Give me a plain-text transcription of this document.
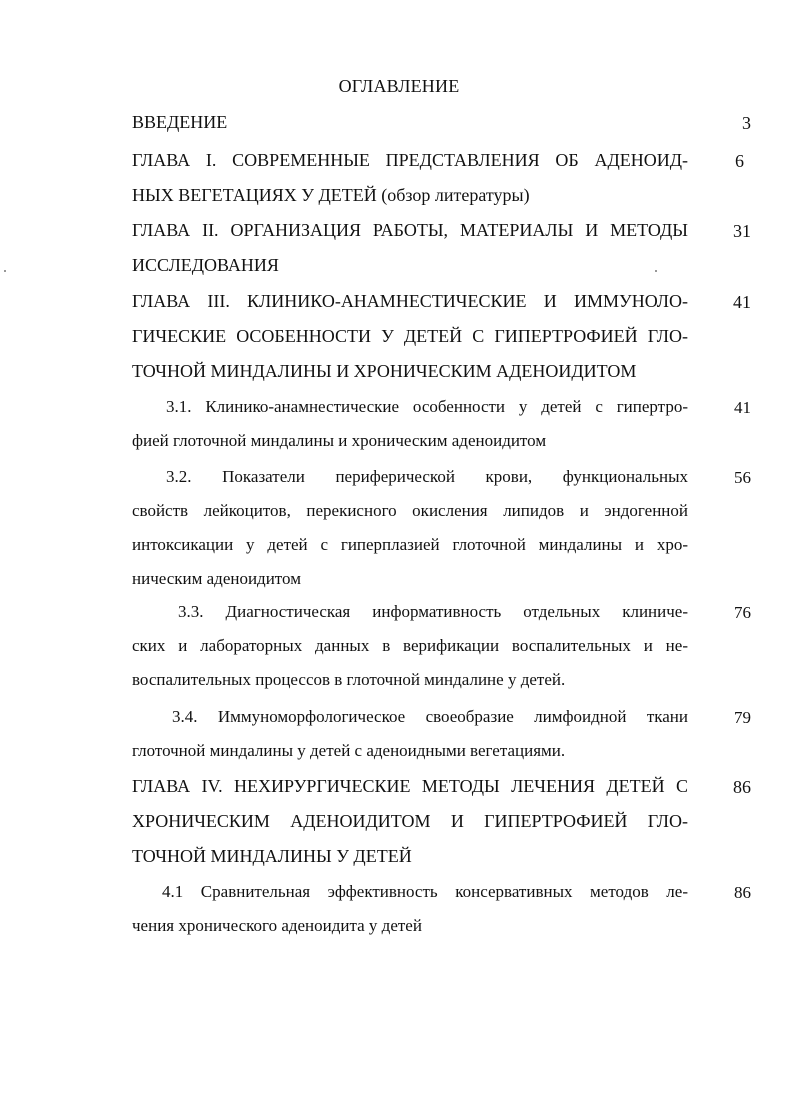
ОГЛАВЛЕНИЕ
ВВЕДЕНИЕ	3
ГЛАВА I. СОВРЕМЕННЫЕ ПРЕДСТАВЛЕНИЯ ОБ АДЕНОИД-
НЫХ ВЕГЕТАЦИЯХ У ДЕТЕЙ (обзор литературы)
6
ГЛАВА II. ОРГАНИЗАЦИЯ РАБОТЫ, МАТЕРИАЛЫ И МЕТОДЫ
ИССЛЕДОВАНИЯ
31
ГЛАВА III. КЛИНИКО-АНАМНЕСТИЧЕСКИЕ И ИММУНОЛО-
ГИЧЕСКИЕ ОСОБЕННОСТИ У ДЕТЕЙ С ГИПЕРТРОФИЕЙ ГЛО-
ТОЧНОЙ МИНДАЛИНЫ И ХРОНИЧЕСКИМ АДЕНОИДИТОМ
41
3.1. Клинико-анамнестические особенности у детей с гипертро-
фией глоточной миндалины и хроническим аденоидитом
41
3.2. Показатели периферической крови, функциональных
свойств лейкоцитов, перекисного окисления липидов и эндогенной
интоксикации у детей с гиперплазией глоточной миндалины и хро-
ническим аденоидитом
56
3.3. Диагностическая информативность отдельных клиниче-
ских и лабораторных данных в верификации воспалительных и не-
воспалительных процессов в глоточной миндалине у детей.
76
3.4. Иммуноморфологическое своеобразие лимфоидной ткани
глоточной миндалины у детей с аденоидными вегетациями.
79
ГЛАВА IV. НЕХИРУРГИЧЕСКИЕ МЕТОДЫ ЛЕЧЕНИЯ ДЕТЕЙ С
ХРОНИЧЕСКИМ АДЕНОИДИТОМ И ГИПЕРТРОФИЕЙ ГЛО-
ТОЧНОЙ МИНДАЛИНЫ У ДЕТЕЙ
86
4.1 Сравнительная эффективность консервативных методов ле-
чения хронического аденоидита у детей
86
